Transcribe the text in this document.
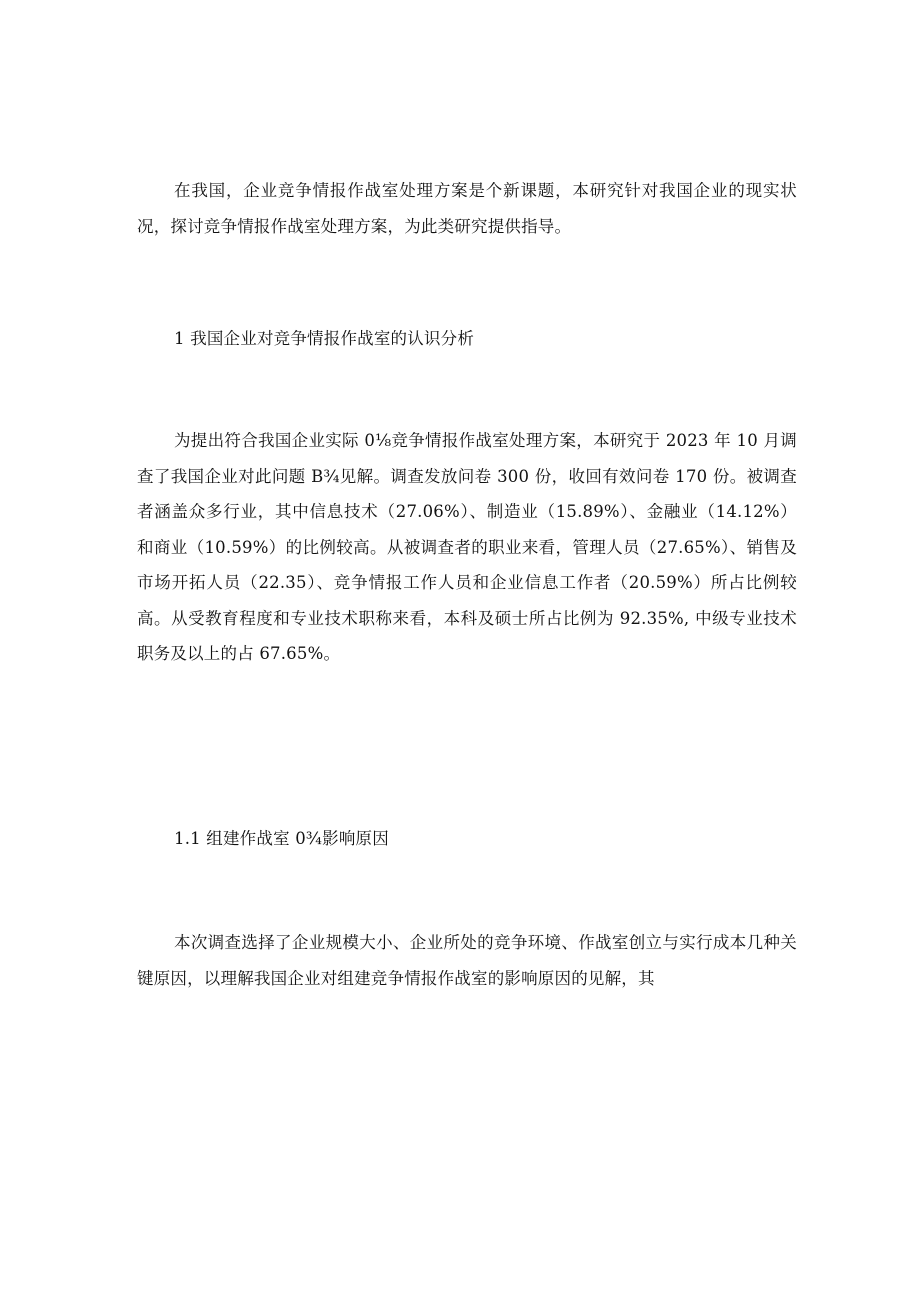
在我国，企业竞争情报作战室处理方案是个新课题，本研究针对我国企业的现实状况，探讨竞争情报作战室处理方案，为此类研究提供指导。

1 我国企业对竞争情报作战室的认识分析

为提出符合我国企业实际 0⅛竞争情报作战室处理方案，本研究于 2023 年 10 月调查了我国企业对此问题 B¾见解。调查发放问卷 300 份，收回有效问卷 170 份。被调查者涵盖众多行业，其中信息技术（27.06%）、制造业（15.89%）、金融业（14.12%）和商业（10.59%）的比例较高。从被调查者的职业来看，管理人员（27.65%）、销售及市场开拓人员（22.35）、竞争情报工作人员和企业信息工作者（20.59%）所占比例较高。从受教育程度和专业技术职称来看，本科及硕士所占比例为 92.35%, 中级专业技术职务及以上的占 67.65%。

1.1 组建作战室 0¾影响原因

本次调查选择了企业规模大小、企业所处的竞争环境、作战室创立与实行成本几种关键原因，以理解我国企业对组建竞争情报作战室的影响原因的见解，其
